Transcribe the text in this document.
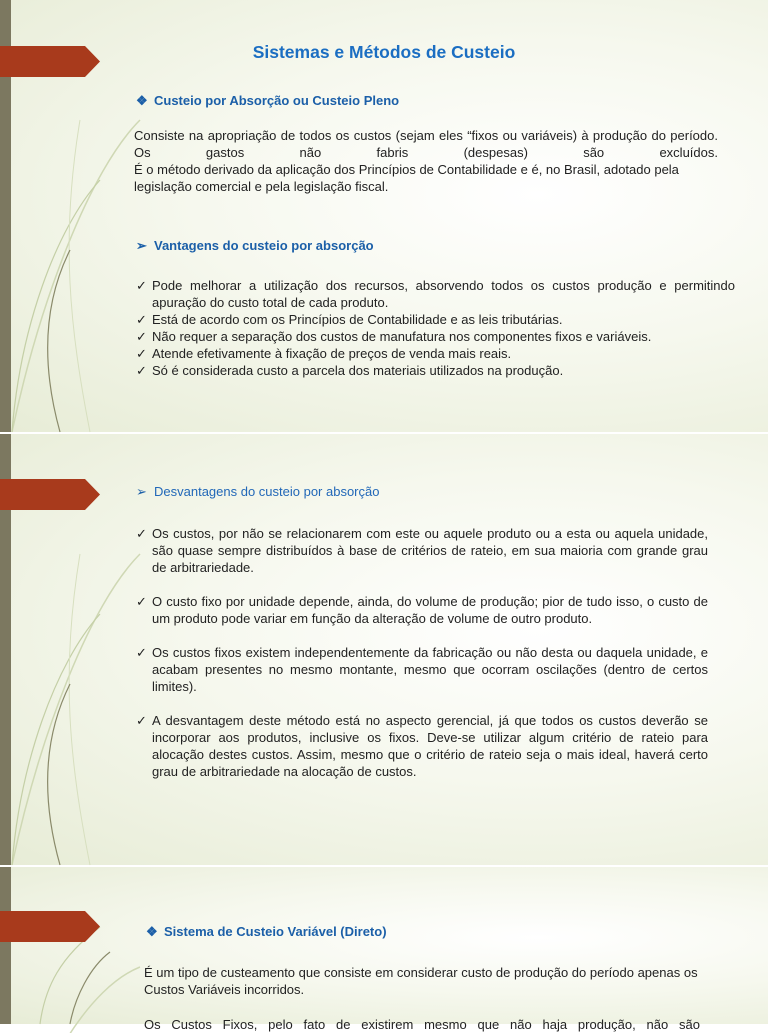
Sistemas e Métodos de Custeio
❖ Custeio por Absorção ou Custeio Pleno

Consiste na apropriação de todos os custos (sejam eles “fixos ou variáveis) à produção do período. Os gastos não fabris (despesas) são excluídos.

É o método derivado da aplicação dos Princípios de Contabilidade e é, no Brasil, adotado pela legislação comercial e pela legislação fiscal.

➢ Vantagens do custeio por absorção
✓ Pode melhorar a utilização dos recursos, absorvendo todos os custos produção e permitindo apuração do custo total de cada produto.
✓ Está de acordo com os Princípios de Contabilidade e as leis tributárias.
✓ Não requer a separação dos custos de manufatura nos componentes fixos e variáveis.
✓ Atende efetivamente à fixação de preços de venda mais reais.
✓ Só é considerada custo a parcela dos materiais utilizados na produção.
➢ Desvantagens do custeio por absorção
✓ Os custos, por não se relacionarem com este ou aquele produto ou a esta ou aquela unidade, são quase sempre distribuídos à base de critérios de rateio, em sua maioria com grande grau de arbitrariedade.
✓ O custo fixo por unidade depende, ainda, do volume de produção; pior de tudo isso, o custo de um produto pode variar em função da alteração de volume de outro produto.
✓ Os custos fixos existem independentemente da fabricação ou não desta ou daquela unidade, e acabam presentes no mesmo montante, mesmo que ocorram oscilações (dentro de certos limites).
✓ A desvantagem deste método está no aspecto gerencial, já que todos os custos deverão se incorporar aos produtos, inclusive os fixos. Deve-se utilizar algum critério de rateio para alocação destes custos. Assim, mesmo que o critério de rateio seja o mais ideal, haverá certo grau de arbitrariedade na alocação de custos.
❖ Sistema de Custeio Variável (Direto)

É um tipo de custeamento que consiste em considerar custo de produção do período apenas os Custos Variáveis incorridos.

Os Custos Fixos, pelo fato de existirem mesmo que não haja produção, não são
